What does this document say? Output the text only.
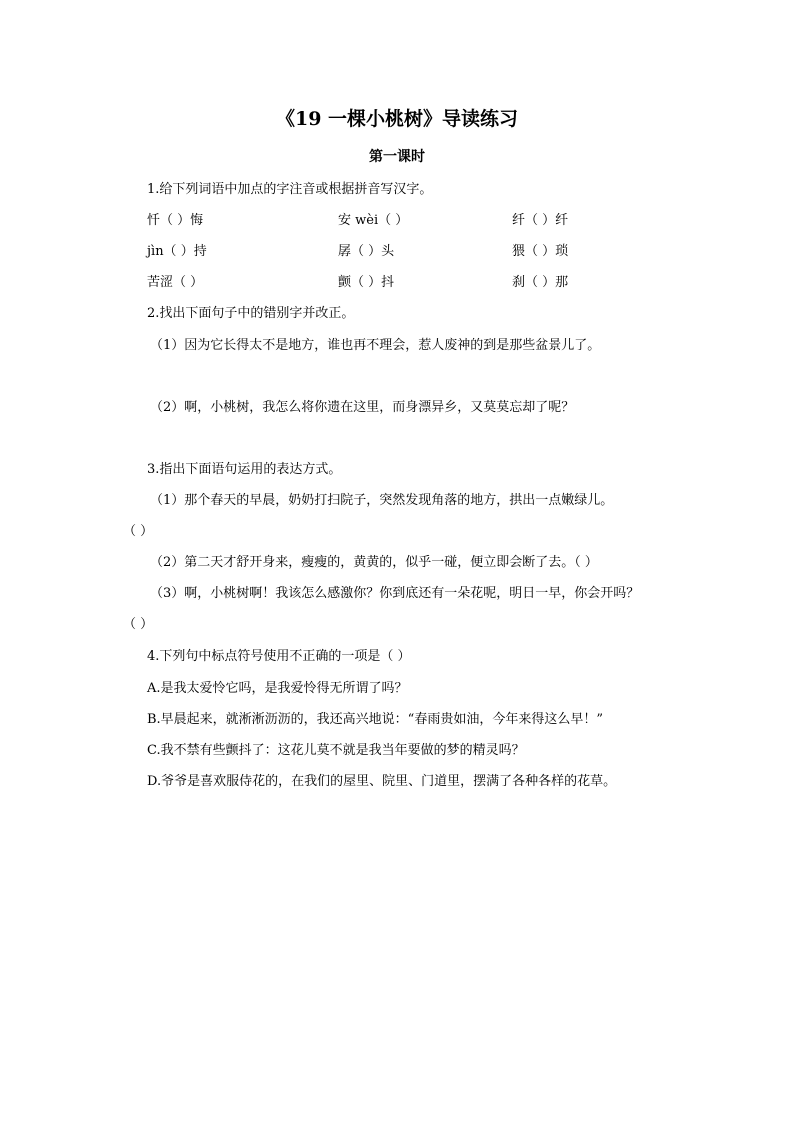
《19 一棵小桃树》导读练习
第一课时
1.给下列词语中加点的字注音或根据拼音写汉字。
忏（ ）悔	安 wèi（ ）	纤（ ）纤
jìn（ ）持	孱（ ）头	猥（ ）琐
苦涩（ ）	颤（ ）抖	刹（ ）那
2.找出下面句子中的错别字并改正。
（1）因为它长得太不是地方，谁也再不理会，惹人废神的到是那些盆景儿了。
（2）啊，小桃树，我怎么将你遗在这里，而身漂异乡，又莫莫忘却了呢？
3.指出下面语句运用的表达方式。
（1）那个春天的早晨，奶奶打扫院子，突然发现角落的地方，拱出一点嫩绿儿。
（ ）
（2）第二天才舒开身来，瘦瘦的，黄黄的，似乎一碰，便立即会断了去。（ ）
（3）啊，小桃树啊！我该怎么感激你？你到底还有一朵花呢，明日一早，你会开吗？
（ ）
4.下列句中标点符号使用不正确的一项是（ ）
A.是我太爱怜它吗，是我爱怜得无所谓了吗？
B.早晨起来，就淅淅沥沥的，我还高兴地说：“春雨贵如油，今年来得这么早！”
C.我不禁有些颤抖了：这花儿莫不就是我当年要做的梦的精灵吗？
D.爷爷是喜欢服侍花的，在我们的屋里、院里、门道里，摆满了各种各样的花草。
